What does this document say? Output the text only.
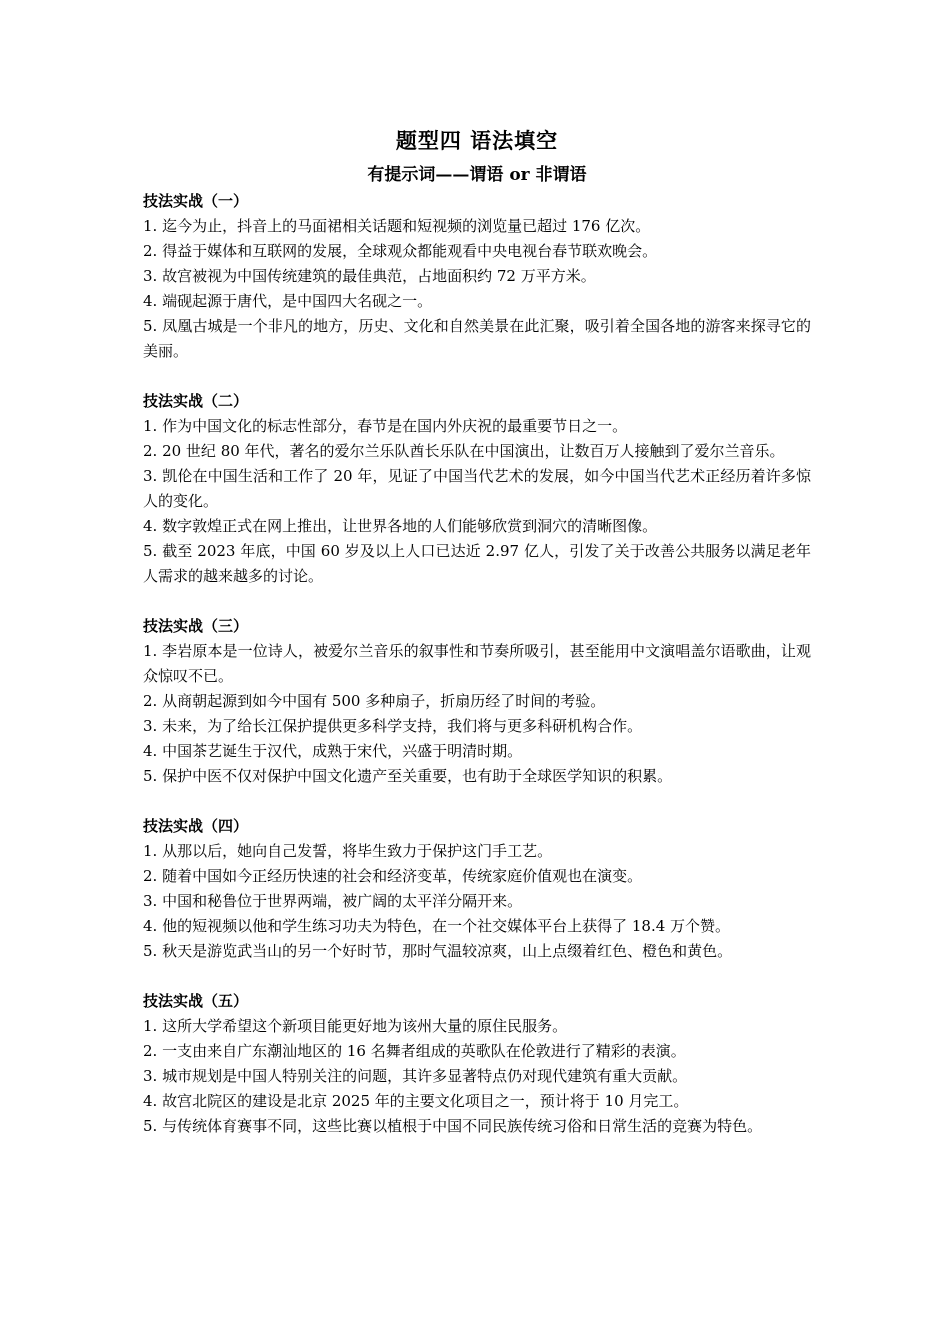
题型四 语法填空
有提示词——谓语 or 非谓语

技法实战（一）

1. 迄今为止，抖音上的马面裙相关话题和短视频的浏览量已超过 176 亿次。

2. 得益于媒体和互联网的发展，全球观众都能观看中央电视台春节联欢晚会。

3. 故宫被视为中国传统建筑的最佳典范，占地面积约 72 万平方米。

4. 端砚起源于唐代，是中国四大名砚之一。

5. 凤凰古城是一个非凡的地方，历史、文化和自然美景在此汇聚，吸引着全国各地的游客来探寻它的美丽。

技法实战（二）

1. 作为中国文化的标志性部分，春节是在国内外庆祝的最重要节日之一。

2. 20 世纪 80 年代，著名的爱尔兰乐队酋长乐队在中国演出，让数百万人接触到了爱尔兰音乐。

3. 凯伦在中国生活和工作了 20 年，见证了中国当代艺术的发展，如今中国当代艺术正经历着许多惊人的变化。

4. 数字敦煌正式在网上推出，让世界各地的人们能够欣赏到洞穴的清晰图像。

5. 截至 2023 年底，中国 60 岁及以上人口已达近 2.97 亿人，引发了关于改善公共服务以满足老年人需求的越来越多的讨论。

技法实战（三）

1. 李岩原本是一位诗人，被爱尔兰音乐的叙事性和节奏所吸引，甚至能用中文演唱盖尔语歌曲，让观众惊叹不已。

2. 从商朝起源到如今中国有 500 多种扇子，折扇历经了时间的考验。

3. 未来，为了给长江保护提供更多科学支持，我们将与更多科研机构合作。

4. 中国茶艺诞生于汉代，成熟于宋代，兴盛于明清时期。

5. 保护中医不仅对保护中国文化遗产至关重要，也有助于全球医学知识的积累。

技法实战（四）

1. 从那以后，她向自己发誓，将毕生致力于保护这门手工艺。

2. 随着中国如今正经历快速的社会和经济变革，传统家庭价值观也在演变。

3. 中国和秘鲁位于世界两端，被广阔的太平洋分隔开来。

4. 他的短视频以他和学生练习功夫为特色，在一个社交媒体平台上获得了 18.4 万个赞。

5. 秋天是游览武当山的另一个好时节，那时气温较凉爽，山上点缀着红色、橙色和黄色。

技法实战（五）

1. 这所大学希望这个新项目能更好地为该州大量的原住民服务。

2. 一支由来自广东潮汕地区的 16 名舞者组成的英歌队在伦敦进行了精彩的表演。

3. 城市规划是中国人特别关注的问题，其许多显著特点仍对现代建筑有重大贡献。

4. 故宫北院区的建设是北京 2025 年的主要文化项目之一，预计将于 10 月完工。

5. 与传统体育赛事不同，这些比赛以植根于中国不同民族传统习俗和日常生活的竞赛为特色。
